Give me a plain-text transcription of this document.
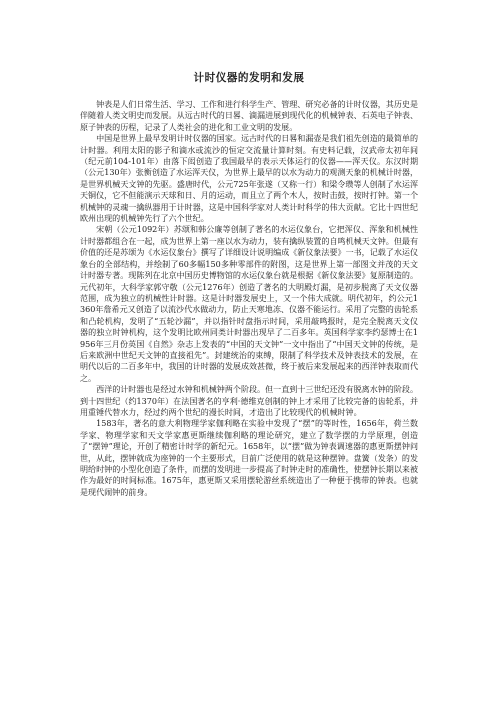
计时仪器的发明和发展

钟表是人们日常生活、学习、工作和进行科学生产、管理、研究必备的计时仪器，其历史是伴随着人类文明史而发展。从远古时代的日晷、滴漏进展到现代化的机械钟表、石英电子钟表、原子钟表的历程，记录了人类社会的进化和工业文明的发展。

中国是世界上最早发明计时仪器的国家。远古时代的日晷和漏壶是我们祖先创造的最简单的计时器。利用太阳的影子和滴水或流沙的恒定交流量计算时刻。有史料记载，汉武帝太初年间（纪元前104-101年）由落下闳创造了我国最早的表示天体运行的仪器——浑天仪。东汉时期（公元130年）张衡创造了水运浑天仪，为世界上最早的以水为动力的观测天象的机械计时器，是世界机械天文钟的先驱。盛唐时代，公元725年张遂（又称一行）和梁令瓒等人创制了水运浑天铜仪，它不但能演示天球和日、月的运动，而且立了两个木人，按时击鼓，按时打钟。第一个机械钟的灵魂一擒纵器用于计时器，这是中国科学家对人类计时科学的伟大贡献。它比十四世纪欧州出现的机械钟先行了六个世纪。

宋朝（公元1092年）苏颂和韩公廉等创制了著名的水运仪象台，它把浑仪、浑象和机械性计时器都组合在一起，成为世界上第一座以水为动力，装有擒纵装置的自鸣机械天文钟。但最有价值的还是苏颂为《水运仪象台》撰写了详细设计说明编成《新仪象法要》一书，记载了水运仪象台的全部结构，并绘制了60多幅150多种零部件的附图，这是世界上第一部图文并茂的天文计时器专著。现陈列在北京中国历史博物馆的水运仪象台就是根据《新仪象法要》复原制造的。元代初年，大科学家郭守敬（公元1276年）创造了著名的大明殿灯漏，是初步脱离了天文仪器范围，成为独立的机械性计时器。这是计时器发展史上，又一个伟大成就。明代初年，约公元1360年詹希元又创造了以流沙代水做动力，防止天寒地冻、仪器不能运行。采用了完整的齿轮系和凸轮机构，发明了“五轮沙漏”，并以指针时盘指示时间，采用敲鸣报时，是完全脱离天文仪器的独立时钟机构，这个发明比欧州同类计时器出现早了二百多年。英国科学家李约瑟博士在1956年三月份英国《自然》杂志上发表的“中国的天文钟”一文中指出了“中国天文钟的传统，是后来欧洲中世纪天文钟的直接祖先”。封建统治的束缚，限制了科学技术及钟表技术的发展，在明代以后的二百多年中，我国的计时器的发展成效甚微，终于被后来发展起来的西洋钟表取而代之。

西洋的计时器也是经过水钟和机械钟两个阶段。但一直到十三世纪还没有脱离水钟的阶段。到十四世纪（约1370年）在法国著名的亨利·德维克创制的钟上才采用了比较完备的齿轮系，并用重锤代替水力，经过约两个世纪的漫长时间，才造出了比较现代的机械时钟。

1583年，著名的意大利物理学家伽利略在实验中发现了“摆”的等时性，1656年，荷兰数学家、物理学家和天文学家惠更斯继续伽利略的理论研究，建立了数学摆的力学原理，创造了“摆钟”理论，开创了精密计时学的新纪元。1658年，以“摆”做为钟表调速器的惠更斯摆钟问世，从此，摆钟就成为座钟的一个主要形式，目前广泛使用的就是这种摆钟。盘簧（发条）的发明给时钟的小型化创造了条件，而摆的发明进一步提高了时钟走时的准确性，使摆钟长期以来被作为最好的时间标准。1675年，惠更斯又采用摆轮游丝系统造出了一种便于携带的钟表。也就是现代闹钟的前身。
